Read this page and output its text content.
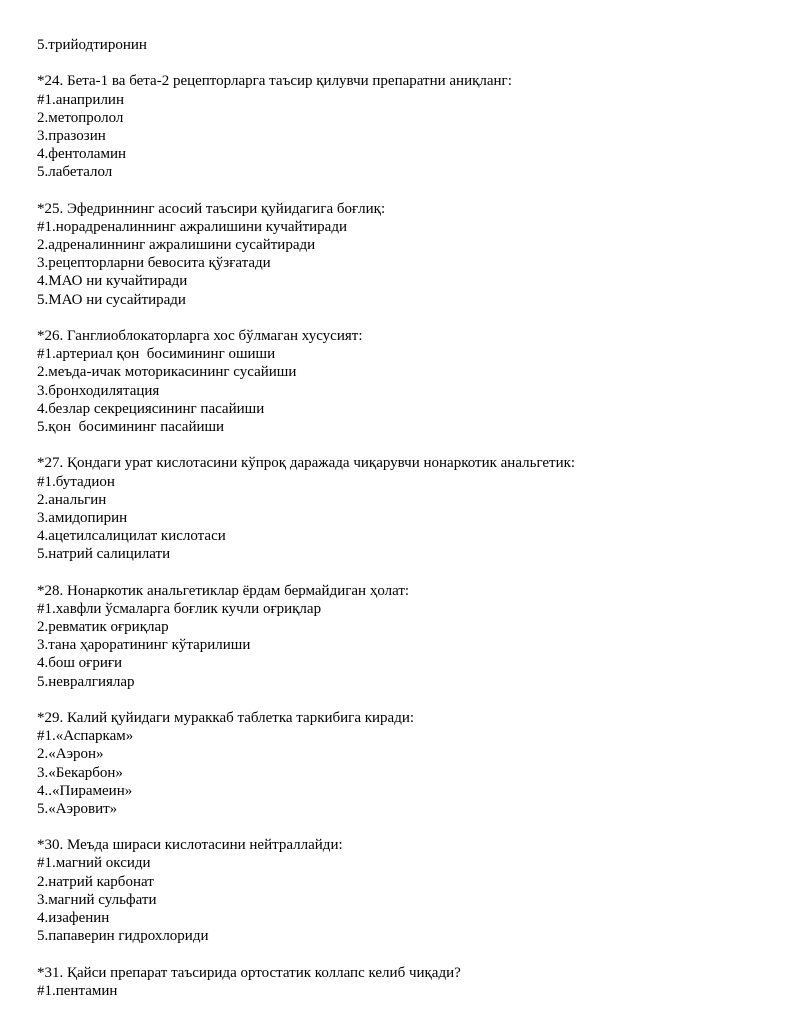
5.трийодтиронин
*24. Бета-1 ва бета-2 рецепторларга таъсир қилувчи препаратни аниқланг:
#1.анаприлин
2.метопролол
3.празозин
4.фентоламин
5.лабеталол
*25. Эфедриннинг асосий таъсири қуйидагига боғлиқ:
#1.норадреналиннинг ажралишини кучайтиради
2.адреналиннинг ажралишини сусайтиради
3.рецепторларни бевосита қўзғатади
4.МАО ни кучайтиради
5.МАО ни сусайтиради
*26. Ганглиоблокаторларга хос бўлмаган хусусият:
#1.артериал қон  босимининг ошиши
2.меъда-ичак моторикасининг сусайиши
3.бронходилятация
4.безлар секрециясининг пасайиши
5.қон  босимининг пасайиши
*27. Қондаги урат кислотасини кўпроқ даражада чиқарувчи нонаркотик анальгетик:
#1.бутадион
2.анальгин
3.амидопирин
4.ацетилсалицилат кислотаси
5.натрий салицилати
*28. Нонаркотик анальгетиклар ёрдам бермайдиган ҳолат:
#1.хавфли ўсмаларга боғлик кучли оғриқлар
2.ревматик оғриқлар
3.тана ҳароратининг кўтарилиши
4.бош оғриғи
5.невралгиялар
*29. Калий қуйидаги мураккаб таблетка таркибига киради:
#1.«Аспаркам»
2.«Аэрон»
3.«Бекарбон»
4..«Пирамеин»
5.«Аэровит»
*30. Меъда шираси кислотасини нейтраллайди:
#1.магний оксиди
2.натрий карбонат
3.магний сульфати
4.изафенин
5.папаверин гидрохлориди
*31. Қайси препарат таъсирида ортостатик коллапс келиб чиқади?
#1.пентамин
